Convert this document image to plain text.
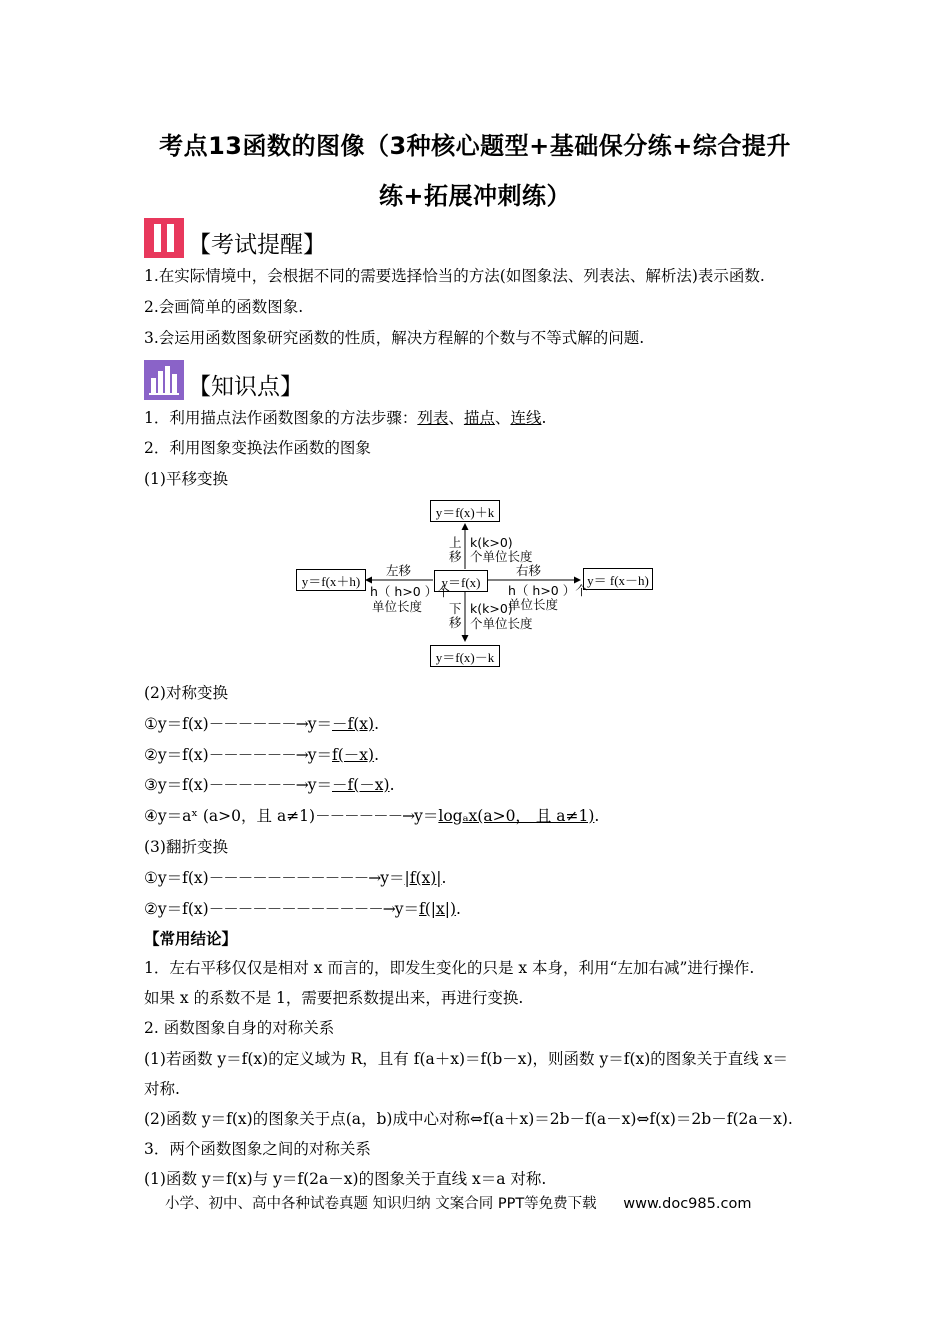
考点13函数的图像（3种核心题型+基础保分练+综合提升
练+拓展冲刺练）
【考试提醒】
1.在实际情境中，会根据不同的需要选择恰当的方法(如图象法、列表法、解析法)表示函数.
2.会画简单的函数图象.
3.会运用函数图象研究函数的性质，解决方程解的个数与不等式解的问题.
【知识点】
1．利用描点法作函数图象的方法步骤：列表、描点、连线.
2．利用图象变换法作函数的图象
(1)平移变换
y＝f(x)＋k
y＝f(x)
y＝f(x)－k
y＝f(x＋h)	y＝ f(x－h)
上
移
k(k>0)
个单位长度
下
移
k(k>0)
个单位长度
左移
h（ h>0 ）个
单位长度
右移
h（ h>0 ）个
单位长度
(2)对称变换
①y＝f(x)－－－－－－→y＝－f(x).
②y＝f(x)－－－－－－→y＝f(－x).
③y＝f(x)－－－－－－→y＝－f(－x).
④y＝aˣ (a>0，且 a≠1)－－－－－－→y＝logₐx(a>0， 且 a≠1).
(3)翻折变换
①y＝f(x)－－－－－－－－－－－→y＝|f(x)|.
②y＝f(x)－－－－－－－－－－－－→y＝f(|x|).
【常用结论】
1．左右平移仅仅是相对 x 而言的，即发生变化的只是 x 本身，利用“左加右减”进行操作.
如果 x 的系数不是 1，需要把系数提出来，再进行变换.
2. 函数图象自身的对称关系
(1)若函数 y＝f(x)的定义域为 R，且有 f(a＋x)＝f(b－x)，则函数 y＝f(x)的图象关于直线 x＝
对称.
(2)函数 y＝f(x)的图象关于点(a，b)成中心对称⇔f(a＋x)＝2b－f(a－x)⇔f(x)＝2b－f(2a－x).
3．两个函数图象之间的对称关系
(1)函数 y＝f(x)与 y＝f(2a－x)的图象关于直线 x＝a 对称.
小学、初中、高中各种试卷真题 知识归纳 文案合同 PPT等免费下载 www.doc985.com
